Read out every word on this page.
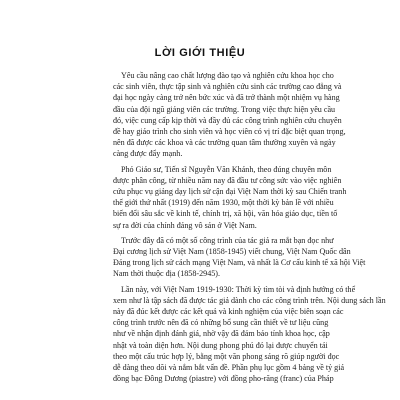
LỜI GIỚI THIỆU
Yêu cầu nâng cao chất lượng đào tạo và nghiên cứu khoa học cho
các sinh viên, thực tập sinh và nghiên cứu sinh các trường cao đẳng và
đại học ngày càng trở nên bức xúc và đã trở thành một nhiệm vụ hàng
đầu của đội ngũ giảng viên các trường. Trong việc thực hiện yêu cầu
đó, việc cung cấp kịp thời và đầy đủ các công trình nghiên cứu chuyên
đề hay giáo trình cho sinh viên và học viên có vị trí đặc biệt quan trọng,
nên đã được các khoa và các trường quan tâm thường xuyên và ngày
càng được đẩy mạnh.
Phó Giáo sư, Tiến sĩ Nguyễn Văn Khánh, theo đúng chuyên môn
được phân công, từ nhiều năm nay đã đầu tư công sức vào việc nghiên
cứu phục vụ giảng dạy lịch sử cận đại Việt Nam thời kỳ sau Chiến tranh
thế giới thứ nhất (1919) đến năm 1930, một thời kỳ bản lề với nhiều
biến đổi sâu sắc về kinh tế, chính trị, xã hội, văn hóa giáo dục, tiền tố
sự ra đời của chính đảng vô sản ở Việt Nam.
Trước đây đã có một số công trình của tác giả ra mắt bạn đọc như
Đại cương lịch sử Việt Nam (1858-1945) viết chung, Việt Nam Quốc dân
Đảng trong lịch sử cách mạng Việt Nam, và nhất là Cơ cấu kinh tế xã hội Việt
Nam thời thuộc địa (1858-2945).
Lần này, với Việt Nam 1919-1930: Thời kỳ tìm tòi và định hướng có thể
xem như là tập sách đã được tác giả dành cho các công trình trên. Nội dung sách lần
này đã đúc kết được các kết quả và kinh nghiệm của việc biên soạn các
công trình trước nên đã có những bổ sung cần thiết về tư liệu cũng
như về nhận định đánh giá, nhờ vậy đã đảm bảo tính khoa học, cập
nhật và toàn diện hơn. Nội dung phong phú đó lại được chuyển tải
theo một cấu trúc hợp lý, bằng một văn phong sáng rõ giúp người đọc
dễ dàng theo dõi và nắm bắt vấn đề. Phần phụ lục gồm 4 bảng về tỷ giá
đồng bạc Đông Dương (piastre) với đồng pho-răng (franc) của Pháp
